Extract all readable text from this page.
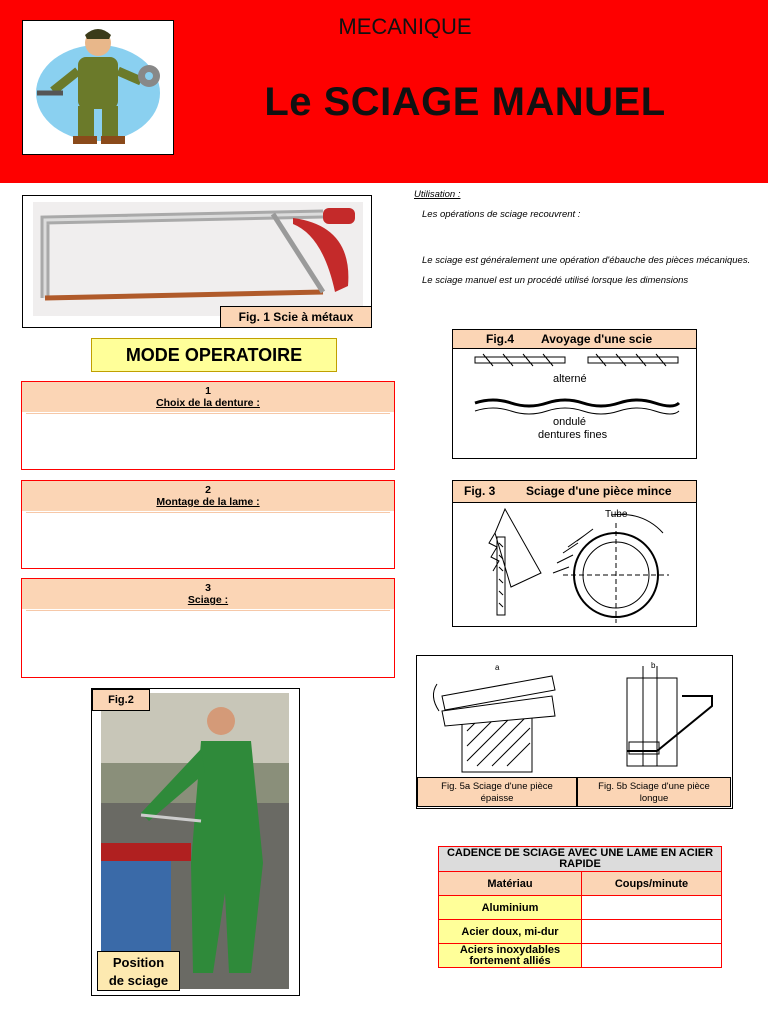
MECANIQUE
Le SCIAGE MANUEL
Fig. 1 Scie à métaux
Utilisation :
Les opérations de sciage recouvrent :
Le sciage est généralement une opération d'ébauche des pièces mécaniques.
Le sciage manuel est un procédé utilisé lorsque les dimensions
MODE OPERATOIRE
1
Choix de la denture :
2
Montage de la lame :
3
Sciage :
Fig.4 Avoyage d'une scie
alterné
ondulé
dentures fines
Fig. 3	Sciage d'une pièce mince
Tube
a	b
Fig. 5a Sciage d'une pièce
épaisse
Fig. 5b Sciage d'une pièce
longue
Fig.2
Position
de sciage
CADENCE DE SCIAGE AVEC UNE LAME EN ACIER RAPIDE	
Matériau	Coups/minute
Aluminium	
Acier doux, mi-dur	
Aciers inoxydables fortement alliés	
